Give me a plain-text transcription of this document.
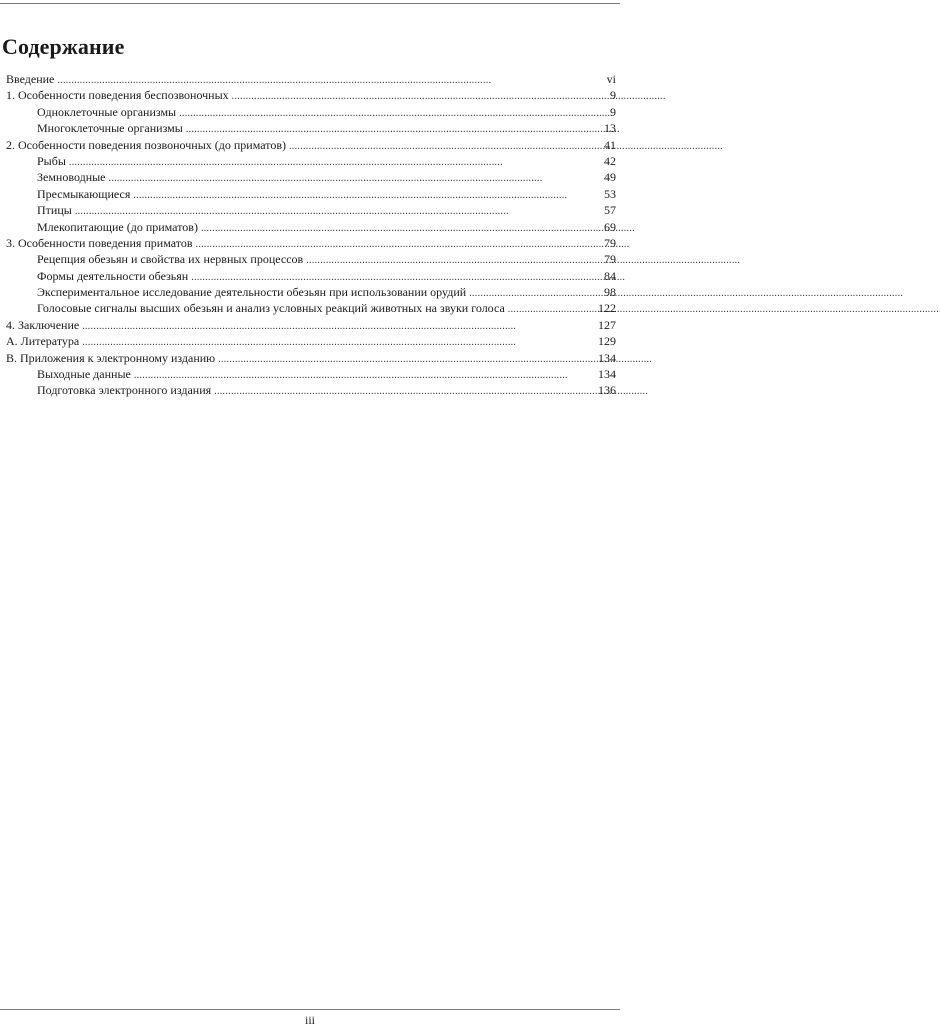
Содержание
Введение . . .	vi
1. Особенности поведения беспозвоночных . . .	9
Одноклеточные организмы . . .	9
Многоклеточные организмы . . .	13
2. Особенности поведения позвоночных (до приматов) . . .	41
Рыбы . . .	42
Земноводные . . .	49
Пресмыкающиеся . . .	53
Птицы . . .	57
Млекопитающие (до приматов) . . .	69
3. Особенности поведения приматов . . .	79
Рецепция обезьян и свойства их нервных процессов . . .	79
Формы деятельности обезьян . . .	84
Экспериментальное исследование деятельности обезьян при использовании орудий . . .	98
Голосовые сигналы высших обезьян и анализ условных реакций животных на звуки голоса . . .	122
4. Заключение . . .	127
А. Литература . . .	129
В. Приложения к электронному изданию . . .	134
Выходные данные . . .	134
Подготовка электронного издания . . .	136
iii
